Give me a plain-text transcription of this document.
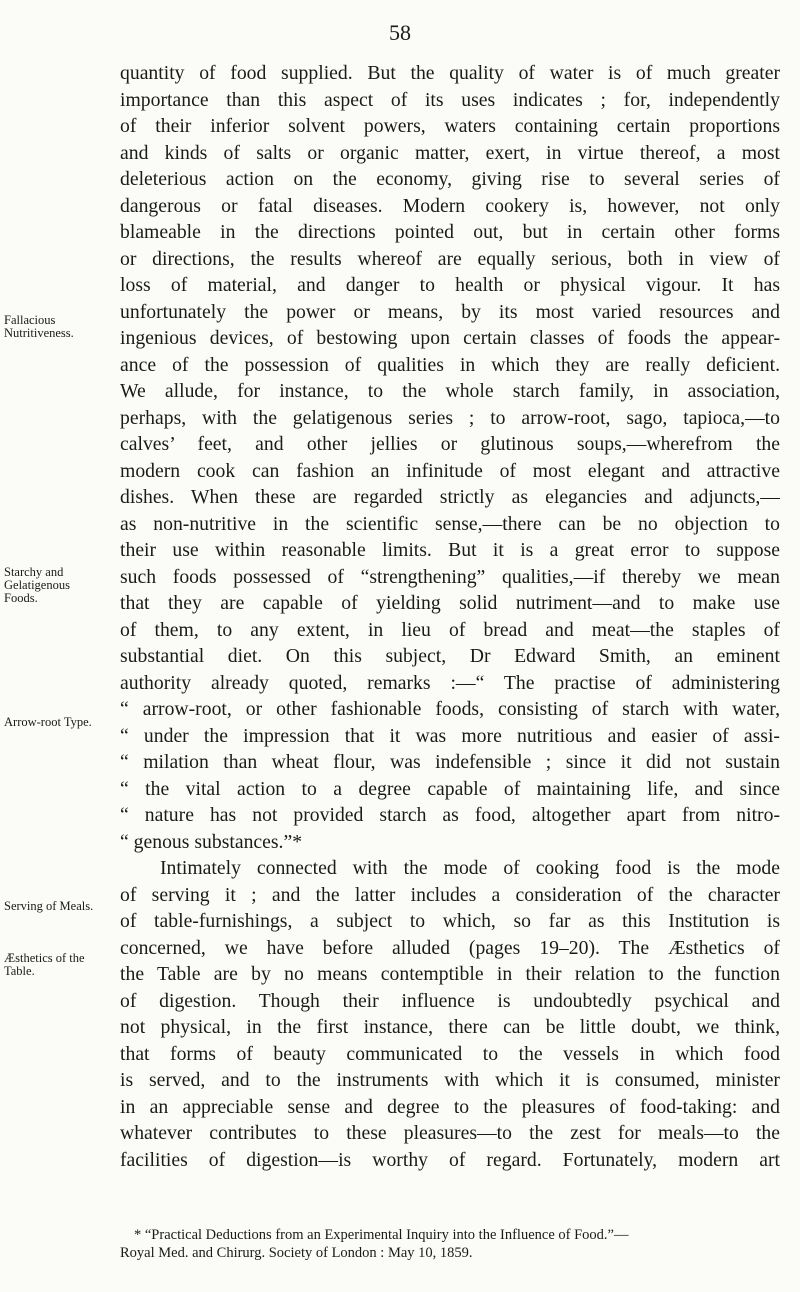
58
Fallacious
Nutritiveness.
Starchy and
Gelatigenous
Foods.
Arrow-root Type.
Serving of Meals.
Æsthetics of the
Table.
quantity of food supplied. But the quality of water is of much greater
importance than this aspect of its uses indicates ; for, independently
of their inferior solvent powers, waters containing certain proportions
and kinds of salts or organic matter, exert, in virtue thereof, a most
deleterious action on the economy, giving rise to several series of
dangerous or fatal diseases. Modern cookery is, however, not only
blameable in the directions pointed out, but in certain other forms
or directions, the results whereof are equally serious, both in view of
loss of material, and danger to health or physical vigour. It has
unfortunately the power or means, by its most varied resources and
ingenious devices, of bestowing upon certain classes of foods the appear-
ance of the possession of qualities in which they are really deficient.
We allude, for instance, to the whole starch family, in association,
perhaps, with the gelatigenous series ; to arrow-root, sago, tapioca,—to
calves’ feet, and other jellies or glutinous soups,—wherefrom the
modern cook can fashion an infinitude of most elegant and attractive
dishes. When these are regarded strictly as elegancies and adjuncts,—
as non-nutritive in the scientific sense,—there can be no objection to
their use within reasonable limits. But it is a great error to suppose
such foods possessed of “strengthening” qualities,—if thereby we mean
that they are capable of yielding solid nutriment—and to make use
of them, to any extent, in lieu of bread and meat—the staples of
substantial diet. On this subject, Dr Edward Smith, an eminent
authority already quoted, remarks :—“ The practise of administering
“ arrow-root, or other fashionable foods, consisting of starch with water,
“ under the impression that it was more nutritious and easier of assi-
“ milation than wheat flour, was indefensible ; since it did not sustain
“ the vital action to a degree capable of maintaining life, and since
“ nature has not provided starch as food, altogether apart from nitro-
“ genous substances.”*
Intimately connected with the mode of cooking food is the mode
of serving it ; and the latter includes a consideration of the character
of table-furnishings, a subject to which, so far as this Institution is
concerned, we have before alluded (pages 19–20). The Æsthetics of
the Table are by no means contemptible in their relation to the function
of digestion. Though their influence is undoubtedly psychical and
not physical, in the first instance, there can be little doubt, we think,
that forms of beauty communicated to the vessels in which food
is served, and to the instruments with which it is consumed, minister
in an appreciable sense and degree to the pleasures of food-taking: and
whatever contributes to these pleasures—to the zest for meals—to the
facilities of digestion—is worthy of regard. Fortunately, modern art
* “Practical Deductions from an Experimental Inquiry into the Influence of Food.”—
Royal Med. and Chirurg. Society of London : May 10, 1859.
